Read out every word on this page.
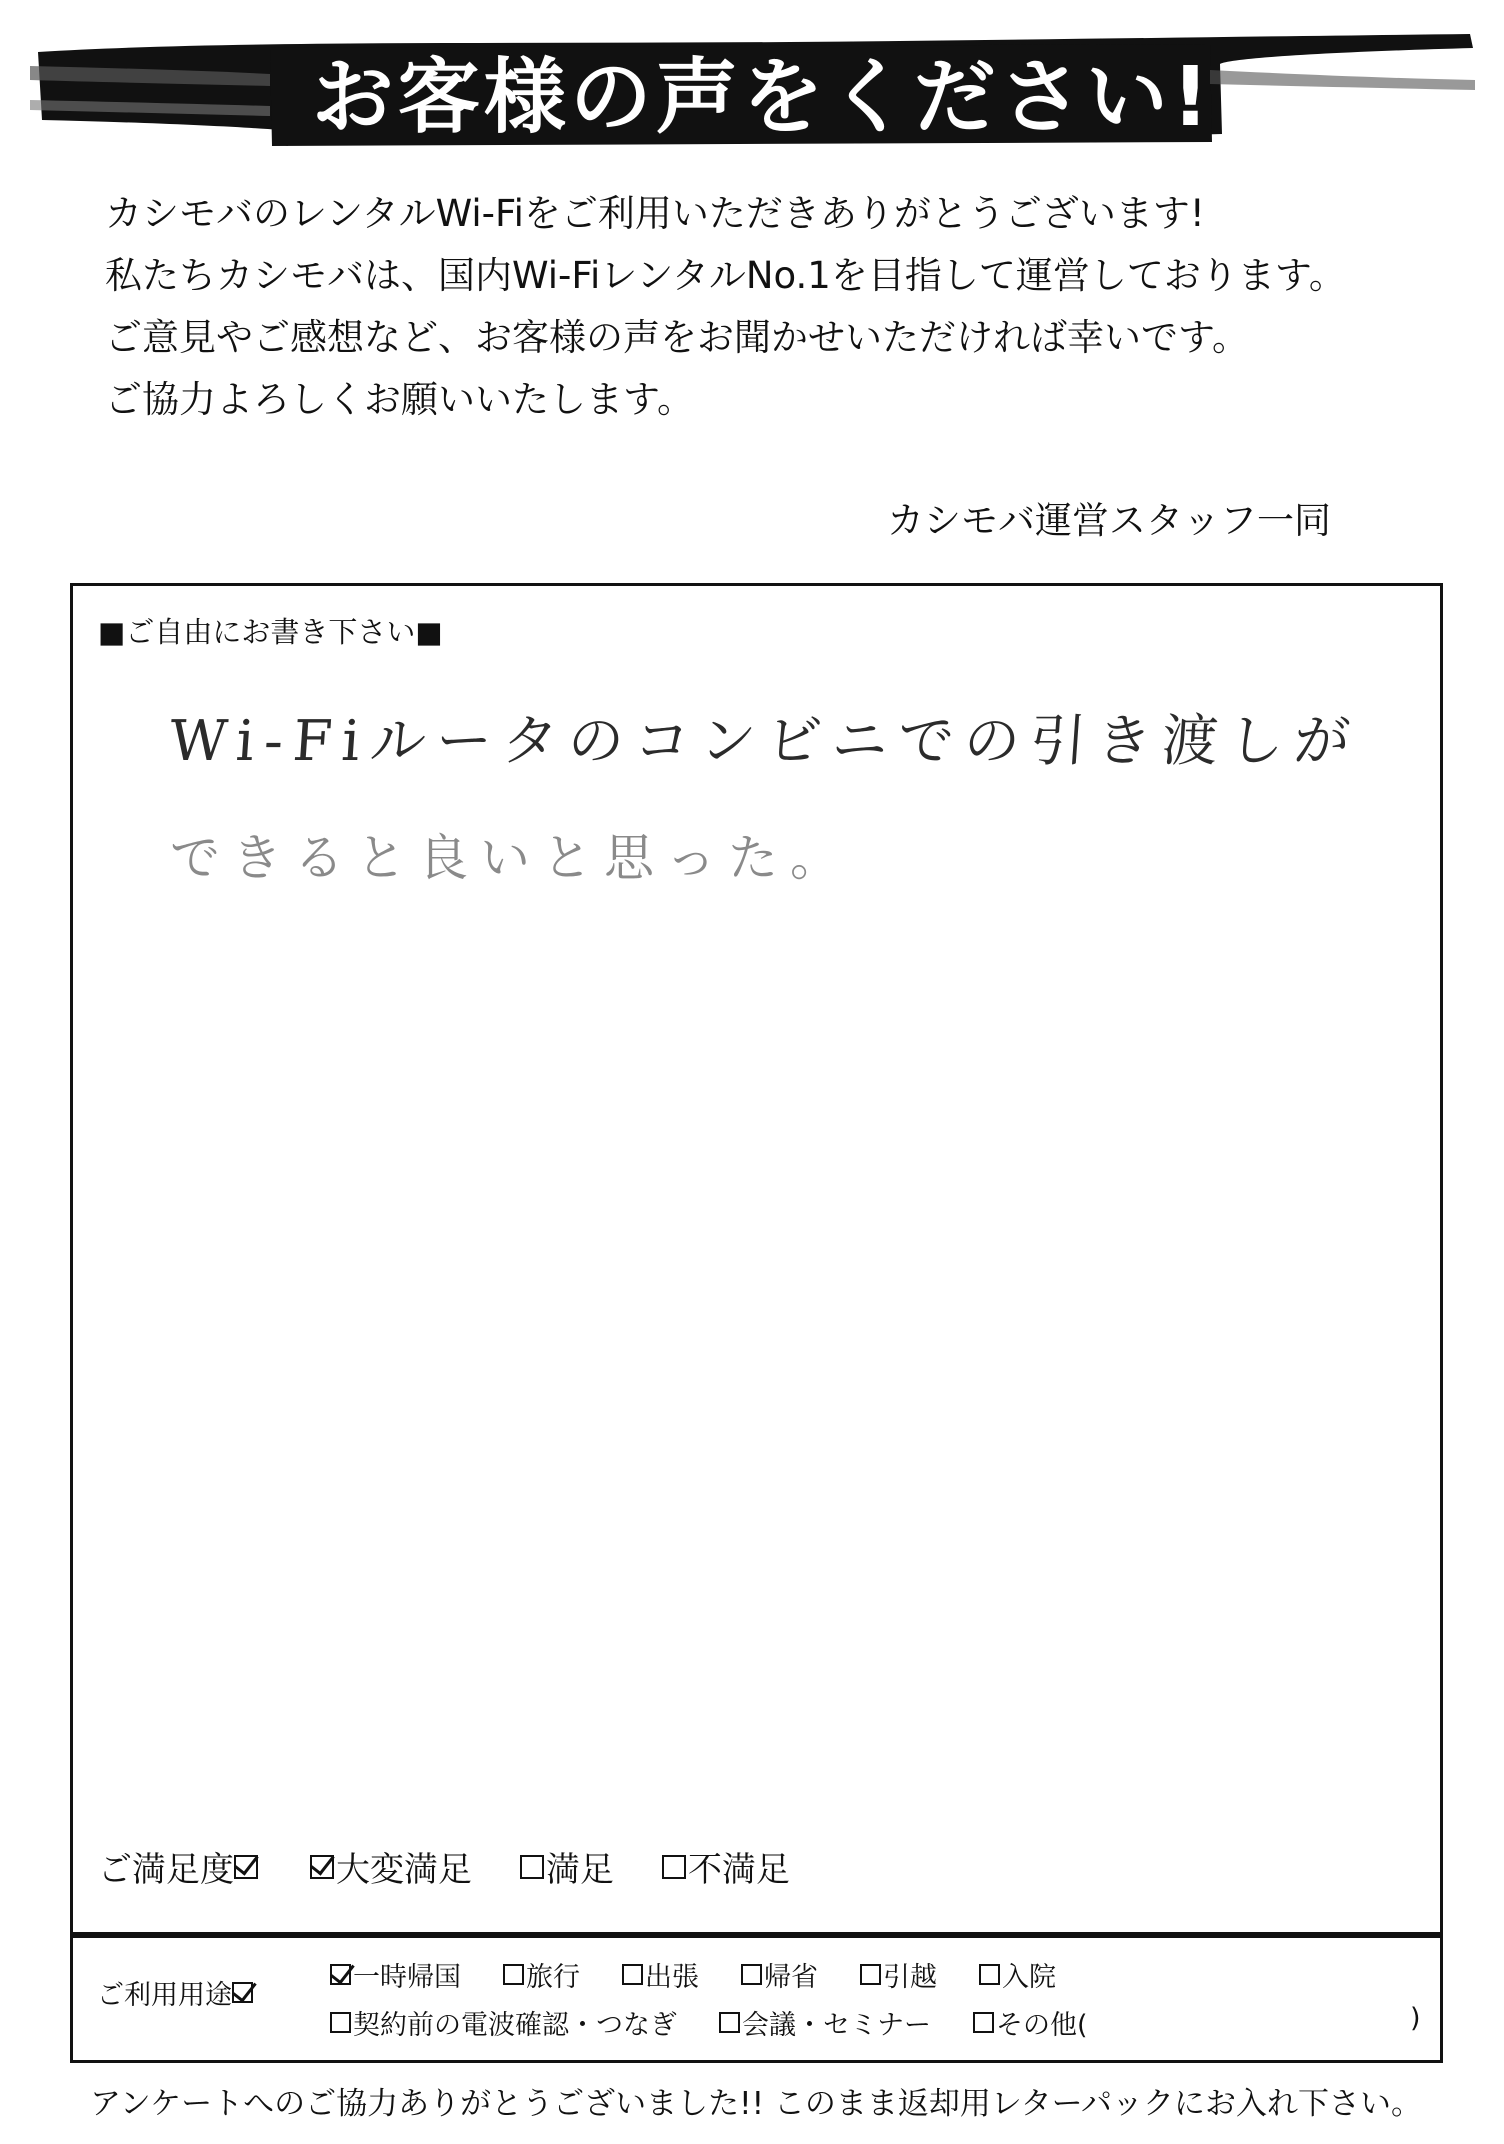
お客様の声をください!
カシモバのレンタルWi-Fiをご利用いただきありがとうございます!
私たちカシモバは、国内Wi-FiレンタルNo.1を目指して運営しております。
ご意見やご感想など、お客様の声をお聞かせいただければ幸いです。
ご協力よろしくお願いいたします。
カシモバ運営スタッフ一同
■ご自由にお書き下さい■
Wi-Fiルータのコンビニでの引き渡しが
できると良いと思った。
ご満足度	大変満足 満足 不満足
ご利用用途
一時帰国 旅行 出張 帰省 引越 入院
契約前の電波確認・つなぎ 会議・セミナー その他(	)
アンケートへのご協力ありがとうございました!! このまま返却用レターパックにお入れ下さい。
